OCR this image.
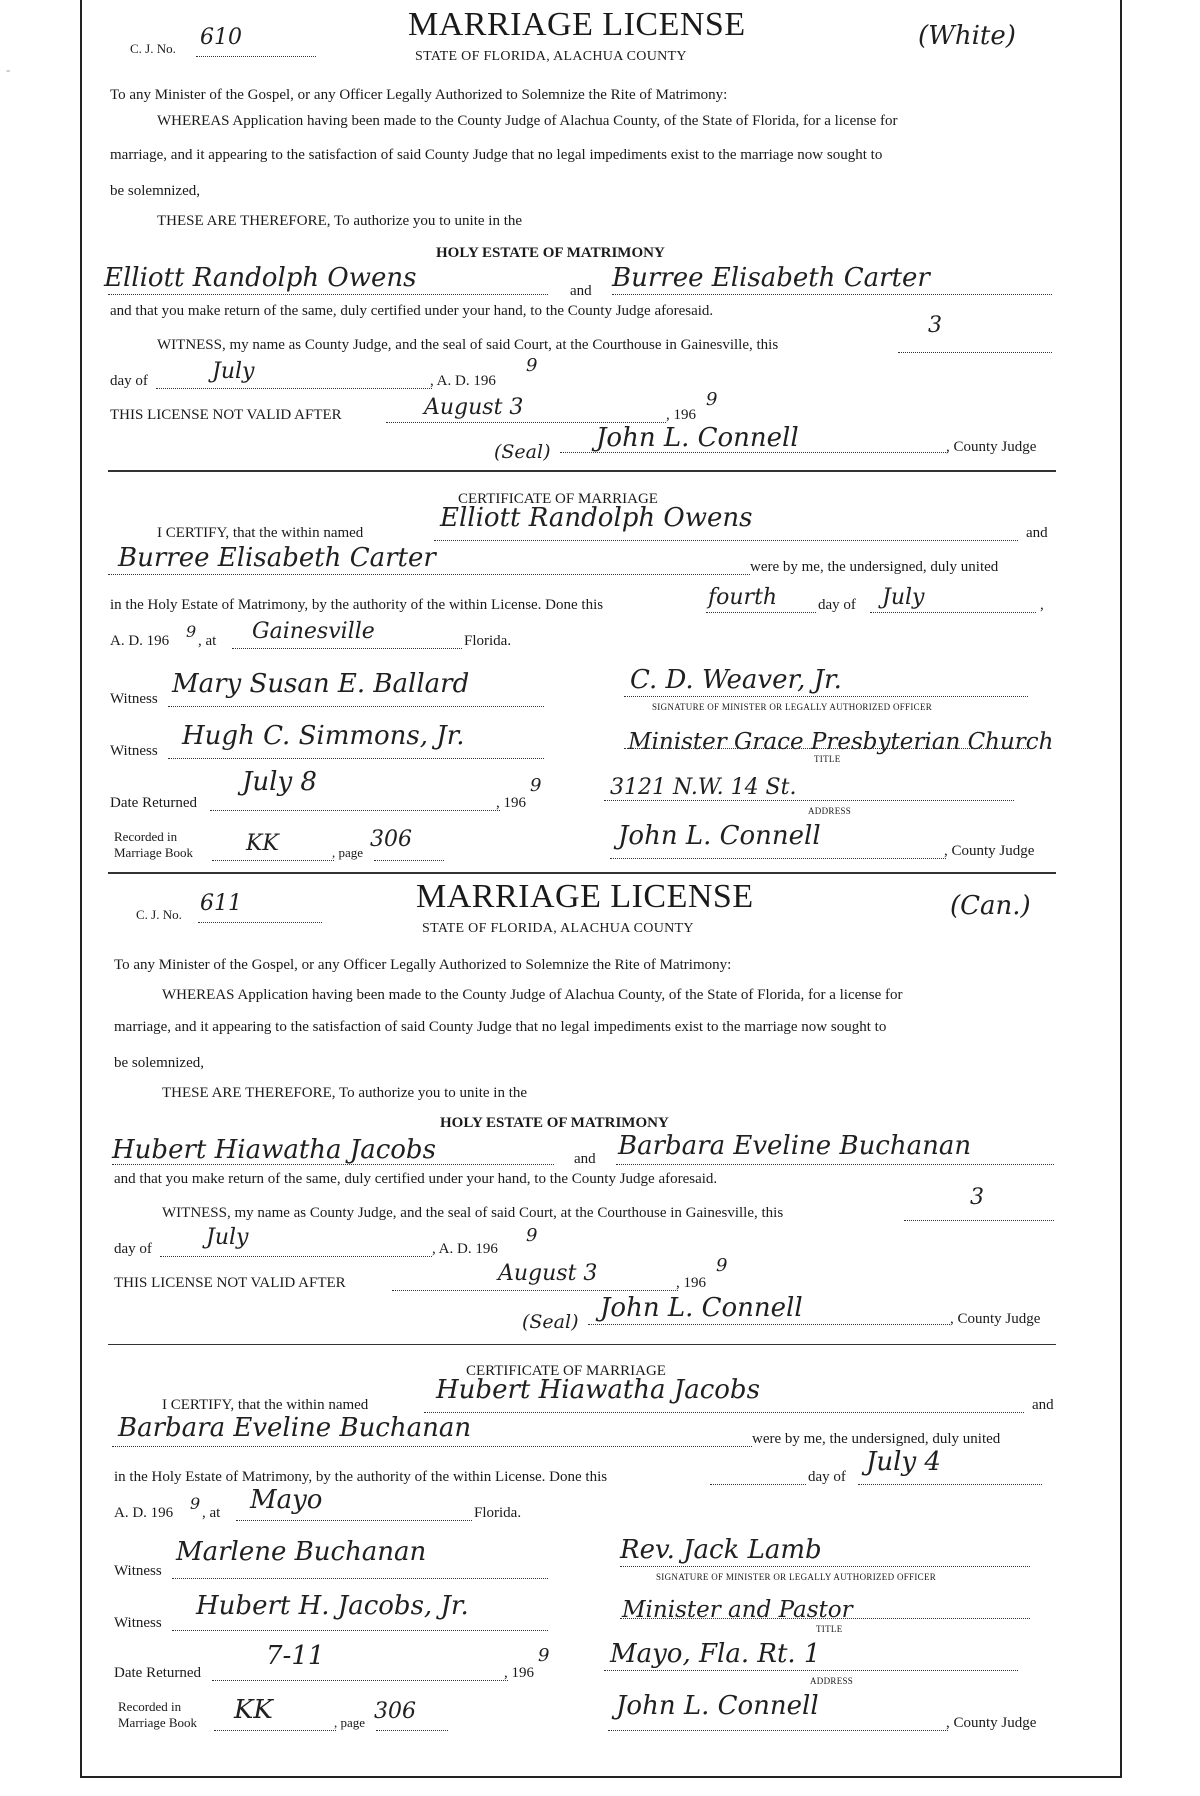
-
C. J. No. 610	MARRIAGE LICENSE
STATE OF FLORIDA, ALACHUA COUNTY
(White)
To any Minister of the Gospel, or any Officer Legally Authorized to Solemnize the Rite of Matrimony:
WHEREAS Application having been made to the County Judge of Alachua County, of the State of Florida, for a license for
marriage, and it appearing to the satisfaction of said County Judge that no legal impediments exist to the marriage now sought to
be solemnized,
THESE ARE THEREFORE, To authorize you to unite in the
HOLY ESTATE OF MATRIMONY
Elliott Randolph Owens	and Burree Elisabeth Carter
and that you make return of the same, duly certified under your hand, to the County Judge aforesaid.
WITNESS, my name as County Judge, and the seal of said Court, at the Courthouse in Gainesville, this
3
day of	July	, A. D. 196
9
THIS LICENSE NOT VALID AFTER	August 3	, 196
9
(Seal) John L. Connell	, County Judge
CERTIFICATE OF MARRIAGE
I CERTIFY, that the within named	Elliott Randolph Owens	and
Burree Elisabeth Carter	were by me, the undersigned, duly united
in the Holy Estate of Matrimony, by the authority of the within License. Done this	fourth	day of July	,
A. D. 196 9 , at Gainesville	Florida.
Witness Mary Susan E. Ballard	C. D. Weaver, Jr.
SIGNATURE OF MINISTER OR LEGALLY AUTHORIZED OFFICER
Witness Hugh C. Simmons, Jr.	Minister Grace Presbyterian Church
TITLE
Date Returned
July 8
, 196
9	3121 N.W. 14 St.
ADDRESS
Recorded in
Marriage Book KK	, page
306	John L. Connell	, County Judge
C. J. No. 611	MARRIAGE LICENSE
STATE OF FLORIDA, ALACHUA COUNTY
(Can.)
To any Minister of the Gospel, or any Officer Legally Authorized to Solemnize the Rite of Matrimony:
WHEREAS Application having been made to the County Judge of Alachua County, of the State of Florida, for a license for
marriage, and it appearing to the satisfaction of said County Judge that no legal impediments exist to the marriage now sought to
be solemnized,
THESE ARE THEREFORE, To authorize you to unite in the
HOLY ESTATE OF MATRIMONY
Hubert Hiawatha Jacobs	and Barbara Eveline Buchanan
and that you make return of the same, duly certified under your hand, to the County Judge aforesaid.
WITNESS, my name as County Judge, and the seal of said Court, at the Courthouse in Gainesville, this
3
day of July	, A. D. 196
9
THIS LICENSE NOT VALID AFTER	August 3	, 196
9
(Seal) John L. Connell	, County Judge
CERTIFICATE OF MARRIAGE
I CERTIFY, that the within named	Hubert Hiawatha Jacobs	and
Barbara Eveline Buchanan	were by me, the undersigned, duly united
in the Holy Estate of Matrimony, by the authority of the within License. Done this	day of July 4
A. D. 196 9 , at Mayo	Florida.
Witness
Marlene Buchanan	Rev. Jack Lamb
SIGNATURE OF MINISTER OR LEGALLY AUTHORIZED OFFICER
Witness
Hubert H. Jacobs, Jr.	Minister and Pastor
TITLE
Date Returned
7-11
, 196
9 Mayo, Fla. Rt. 1
ADDRESS
Recorded in
Marriage Book KK	, page 306	John L. Connell
, County Judge
